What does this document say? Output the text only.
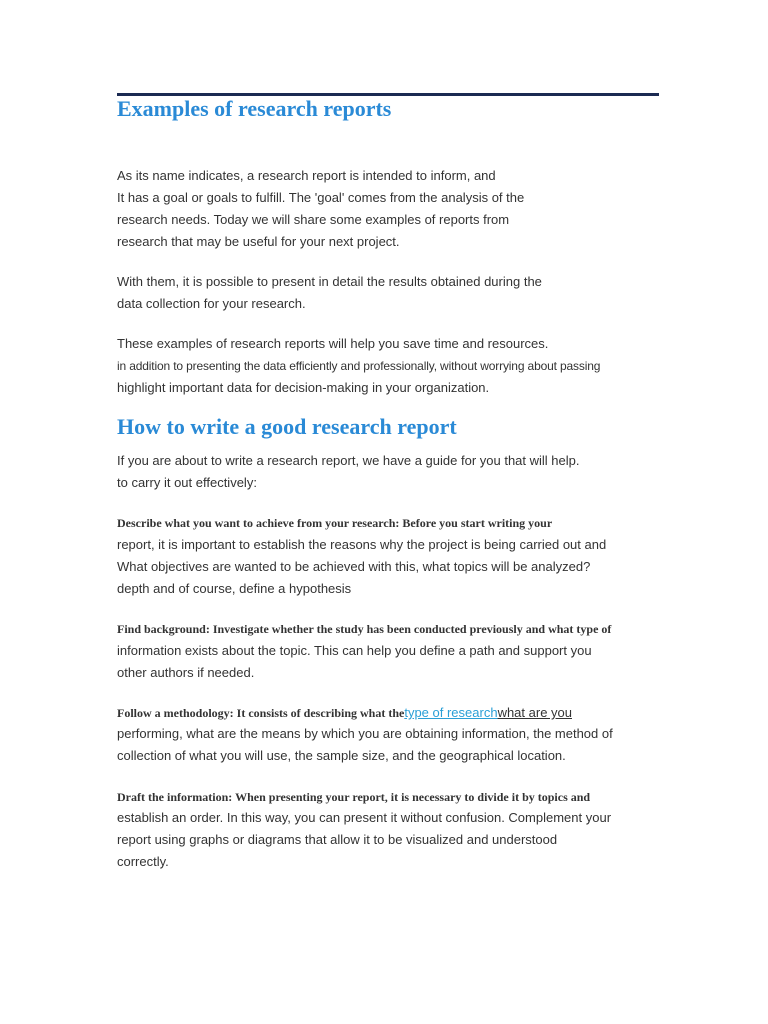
Examples of research reports

As its name indicates, a research report is intended to inform, and

It has a goal or goals to fulfill. The 'goal' comes from the analysis of the

research needs. Today we will share some examples of reports from

research that may be useful for your next project.

With them, it is possible to present in detail the results obtained during the

data collection for your research.

These examples of research reports will help you save time and resources.

in addition to presenting the data efficiently and professionally, without worrying about passing

highlight important data for decision-making in your organization.

How to write a good research report

If you are about to write a research report, we have a guide for you that will help.

to carry it out effectively:

Describe what you want to achieve from your research: Before you start writing your

report, it is important to establish the reasons why the project is being carried out and

What objectives are wanted to be achieved with this, what topics will be analyzed?

depth and of course, define a hypothesis

Find background: Investigate whether the study has been conducted previously and what type of

information exists about the topic. This can help you define a path and support you

other authors if needed.

Follow a methodology: It consists of describing what thetype of researchwhat are you

performing, what are the means by which you are obtaining information, the method of

collection of what you will use, the sample size, and the geographical location.

Draft the information: When presenting your report, it is necessary to divide it by topics and

establish an order. In this way, you can present it without confusion. Complement your

report using graphs or diagrams that allow it to be visualized and understood

correctly.
